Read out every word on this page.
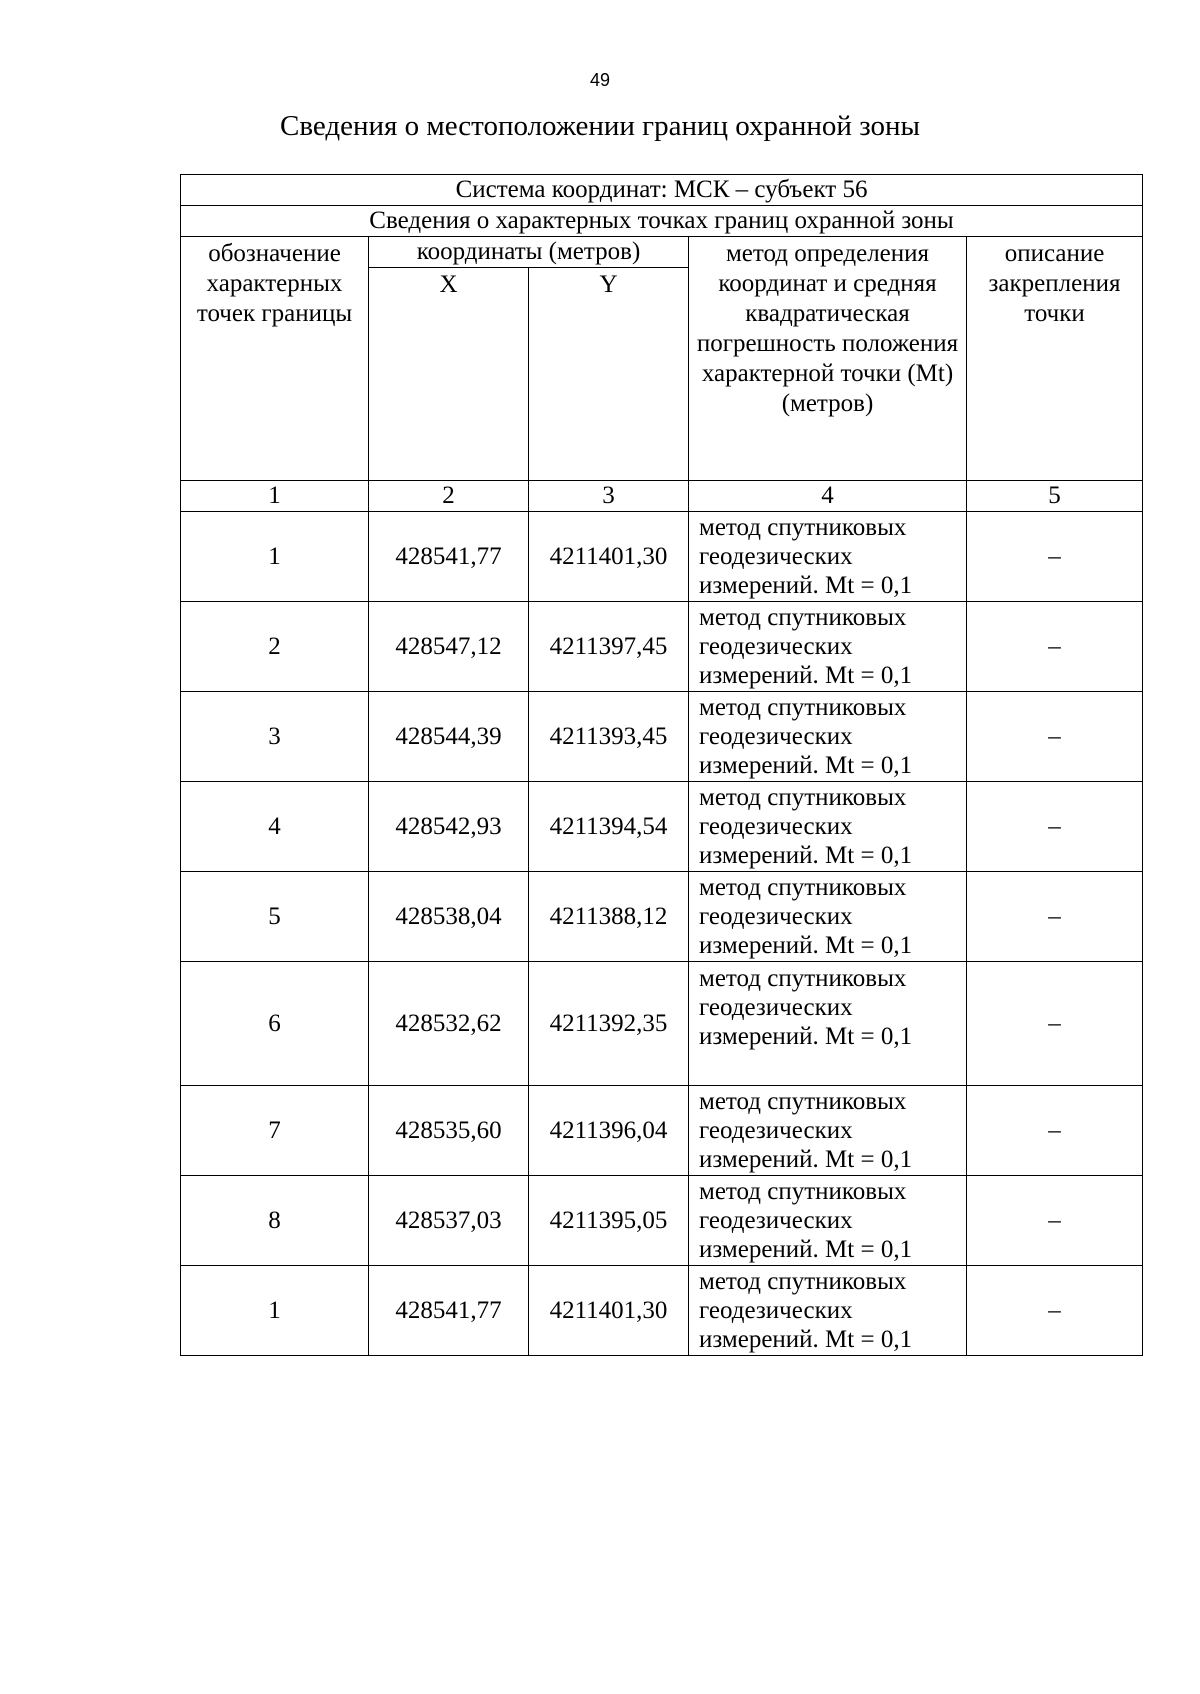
49
Сведения о местоположении границ охранной зоны
Система координат: МСК – субъект 56				
Сведения о характерных точках границ охранной зоны				
обозначение характерных точек границы	координаты (метров)		метод определения координат и средняя квадратическая погрешность положения характерной точки (Mt) (метров)	описание закрепления точки
	X	Y		
1	2	3	4	5
1	428541,77	4211401,30	метод спутниковых геодезических измерений. Mt = 0,1	–
2	428547,12	4211397,45	метод спутниковых геодезических измерений. Mt = 0,1	–
3	428544,39	4211393,45	метод спутниковых геодезических измерений. Mt = 0,1	–
4	428542,93	4211394,54	метод спутниковых геодезических измерений. Mt = 0,1	–
5	428538,04	4211388,12	метод спутниковых геодезических измерений. Mt = 0,1	–
6	428532,62	4211392,35	метод спутниковых геодезических измерений. Mt = 0,1	–
7	428535,60	4211396,04	метод спутниковых геодезических измерений. Mt = 0,1	–
8	428537,03	4211395,05	метод спутниковых геодезических измерений. Mt = 0,1	–
1	428541,77	4211401,30	метод спутниковых геодезических измерений. Mt = 0,1	–
